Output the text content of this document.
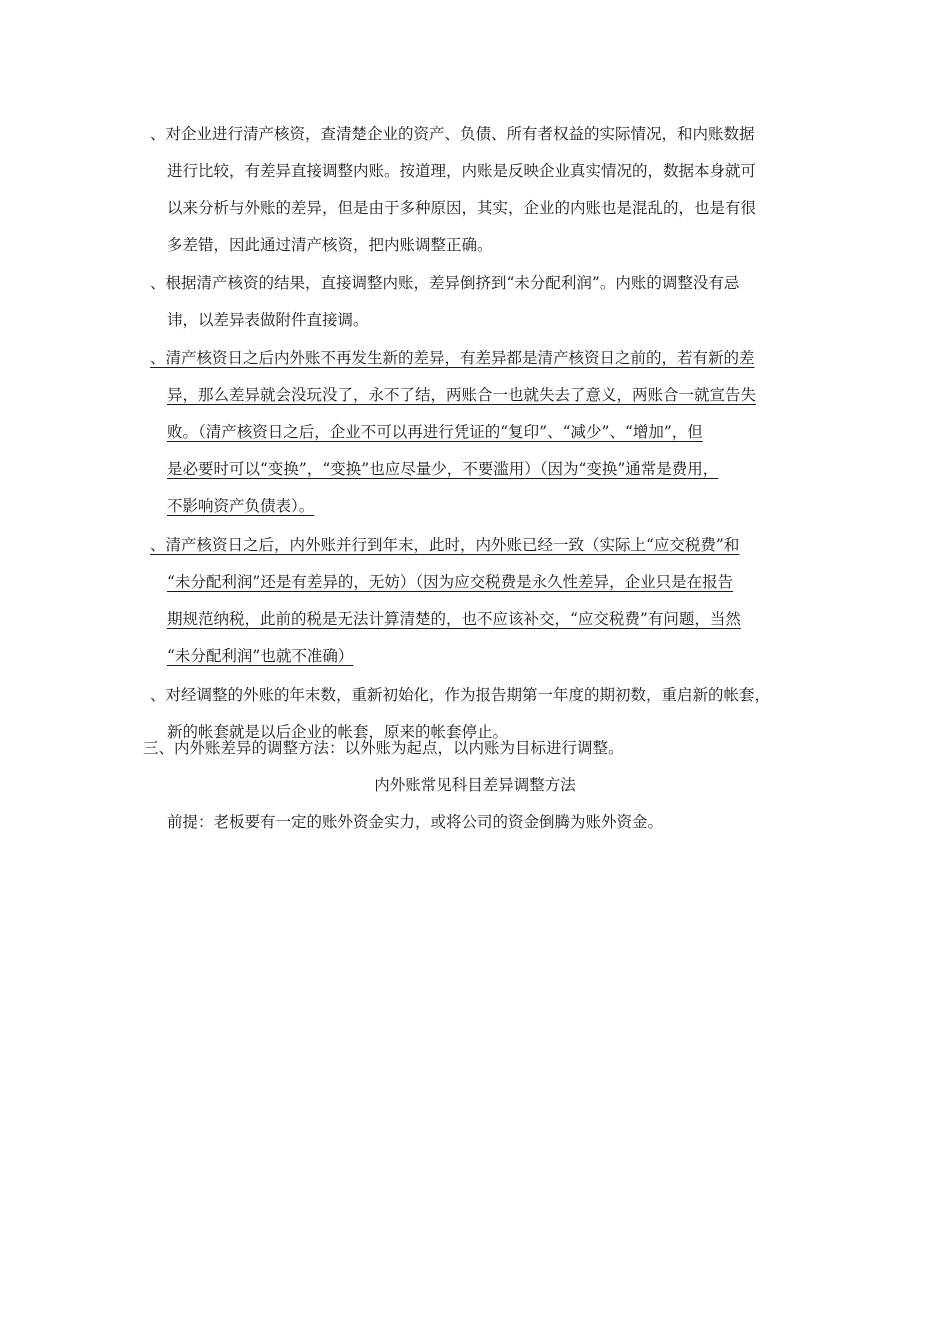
、对企业进行清产核资，查清楚企业的资产、负债、所有者权益的实际情况，和内账数据
进行比较，有差异直接调整内账。按道理，内账是反映企业真实情况的，数据本身就可
以来分析与外账的差异，但是由于多种原因，其实，企业的内账也是混乱的，也是有很
多差错，因此通过清产核资，把内账调整正确。
、根据清产核资的结果，直接调整内账，差异倒挤到“未分配利润”。内账的调整没有忌
讳，以差异表做附件直接调。
、清产核资日之后内外账不再发生新的差异，有差异都是清产核资日之前的，若有新的差
异，那么差异就会没玩没了，永不了结，两账合一也就失去了意义，两账合一就宣告失
败。（清产核资日之后，企业不可以再进行凭证的“复印”、“减少”、“增加”，但
是必要时可以“变换”，“变换”也应尽量少，不要滥用）（因为“变换”通常是费用，
不影响资产负债表）。
、清产核资日之后，内外账并行到年末，此时，内外账已经一致（实际上“应交税费”和
“未分配利润”还是有差异的，无妨）（因为应交税费是永久性差异，企业只是在报告
期规范纳税，此前的税是无法计算清楚的，也不应该补交，“应交税费”有问题，当然
“未分配利润”也就不准确）
、对经调整的外账的年末数，重新初始化，作为报告期第一年度的期初数，重启新的帐套，
新的帐套就是以后企业的帐套，原来的帐套停止。
三、内外账差异的调整方法：以外账为起点，以内账为目标进行调整。
内外账常见科目差异调整方法
前提：老板要有一定的账外资金实力，或将公司的资金倒腾为账外资金。
